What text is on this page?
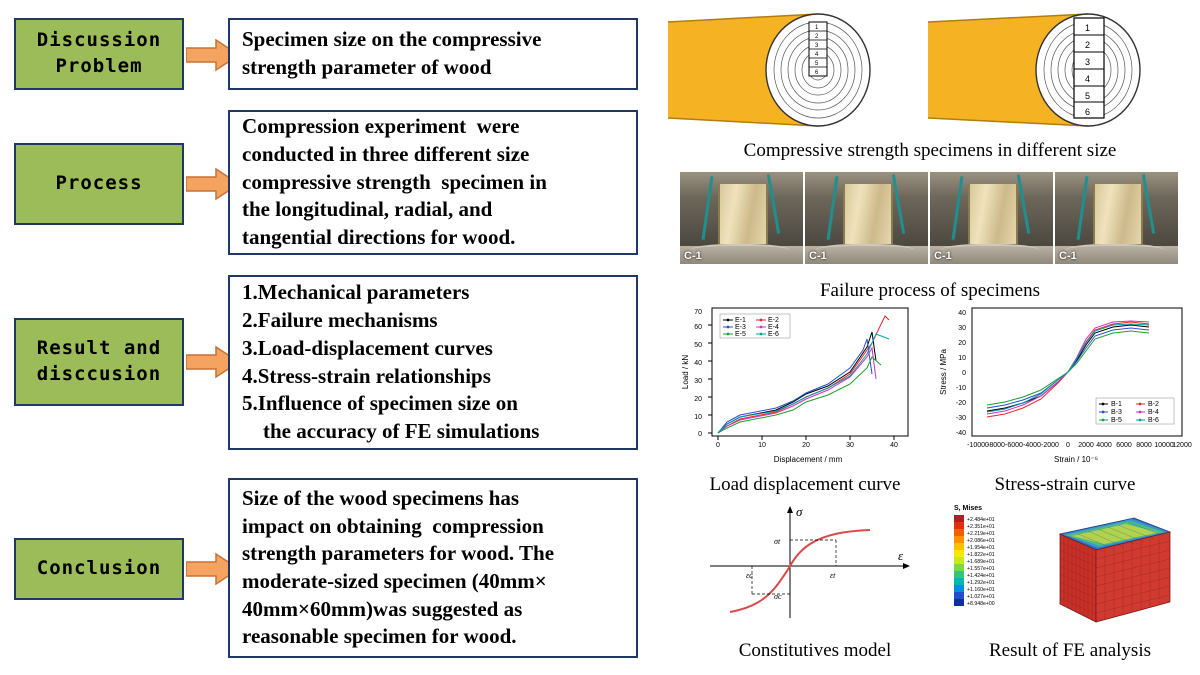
Discussion
Problem
Specimen size on the compressive
strength parameter of wood
Process
Compression experiment  were
conducted in three different size
compressive strength  specimen in
the longitudinal, radial, and
tangential directions for wood.
Result and
disccusion
1.Mechanical parameters
2.Failure mechanisms
3.Load-displacement curves
4.Stress-strain relationships
5.Influence of specimen size on
the accuracy of FE simulations
Conclusion
Size of the wood specimens has
impact on obtaining  compression
strength parameters for wood. The
moderate-sized specimen (40mm×
40mm×60mm)was suggested as
reasonable specimen for wood.
1
2
3
4
5
6
1
2
3
4
5
6
Compressive strength specimens in different size
C-1	C-1	C-1	C-1
Failure process of specimens
0
10
20
30
40
50
60
70
0	10	20	30	40
Displacement / mm
Load / kN
E-1	E-2
E-3	E-4
E-5	E-6
40
30
20
10
0
-10
-20
-30
-40
-10000
-8000 -6000 -4000 -2000 0 2000 4000 6000 8000 10000
12000
Strain / 10⁻⁶
Stress / MPa
B-1	B-2
B-3	B-4
B-5	B-6
Load displacement curve	Stress-strain curve
σ
ε
σt
σc
εc	εt
S, Mises
+2.484e+01
+2.351e+01
+2.219e+01
+2.086e+01
+1.954e+01
+1.822e+01
+1.689e+01
+1.557e+01
+1.424e+01
+1.292e+01
+1.160e+01
+1.027e+01
+8.948e+00
Constitutives model	Result of FE analysis
